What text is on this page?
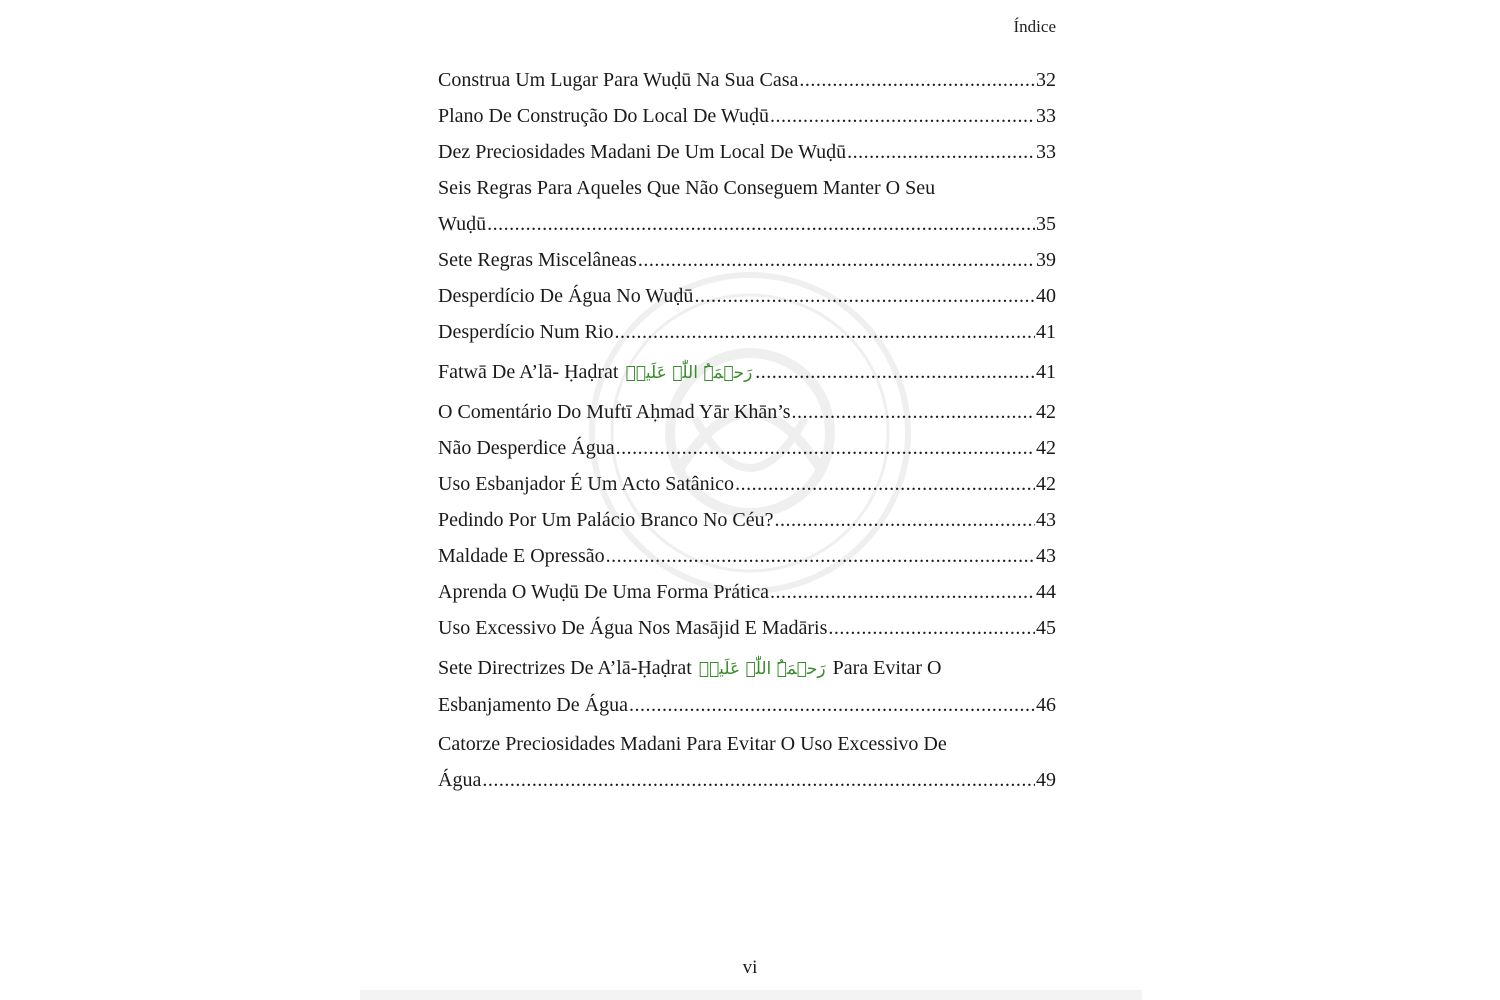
Índice
Construa Um Lugar Para Wuḍū Na Sua Casa .....	32
Plano De Construção Do Local De Wuḍū .....	33
Dez Preciosidades Madani De Um Local De Wuḍū .....	33
Seis Regras Para Aqueles Que Não Conseguem Manter O Seu
Wuḍū .....	35
Sete Regras Miscelâneas .....	39
Desperdício De Água No Wuḍū .....	40
Desperdício Num Rio .....	41
Fatwā De A’lā- Ḥaḍrat رَحۡمَۃُ اللّٰہ عَلَیۡہ .....	41
O Comentário Do Muftī Aḥmad Yār Khān’s .....	42
Não Desperdice Água .....	42
Uso Esbanjador É Um Acto Satânico .....	42
Pedindo Por Um Palácio Branco No Céu? .....	43
Maldade E Opressão .....	43
Aprenda O Wuḍū De Uma Forma Prática .....	44
Uso Excessivo De Água Nos Masājid E Madāris .....	45
Sete Directrizes De A’lā-Ḥaḍrat رَحۡمَۃُ اللّٰہ عَلَیۡہ Para Evitar O
Esbanjamento De Água .....	46
Catorze Preciosidades Madani Para Evitar O Uso Excessivo De
Água .....	49
vi
